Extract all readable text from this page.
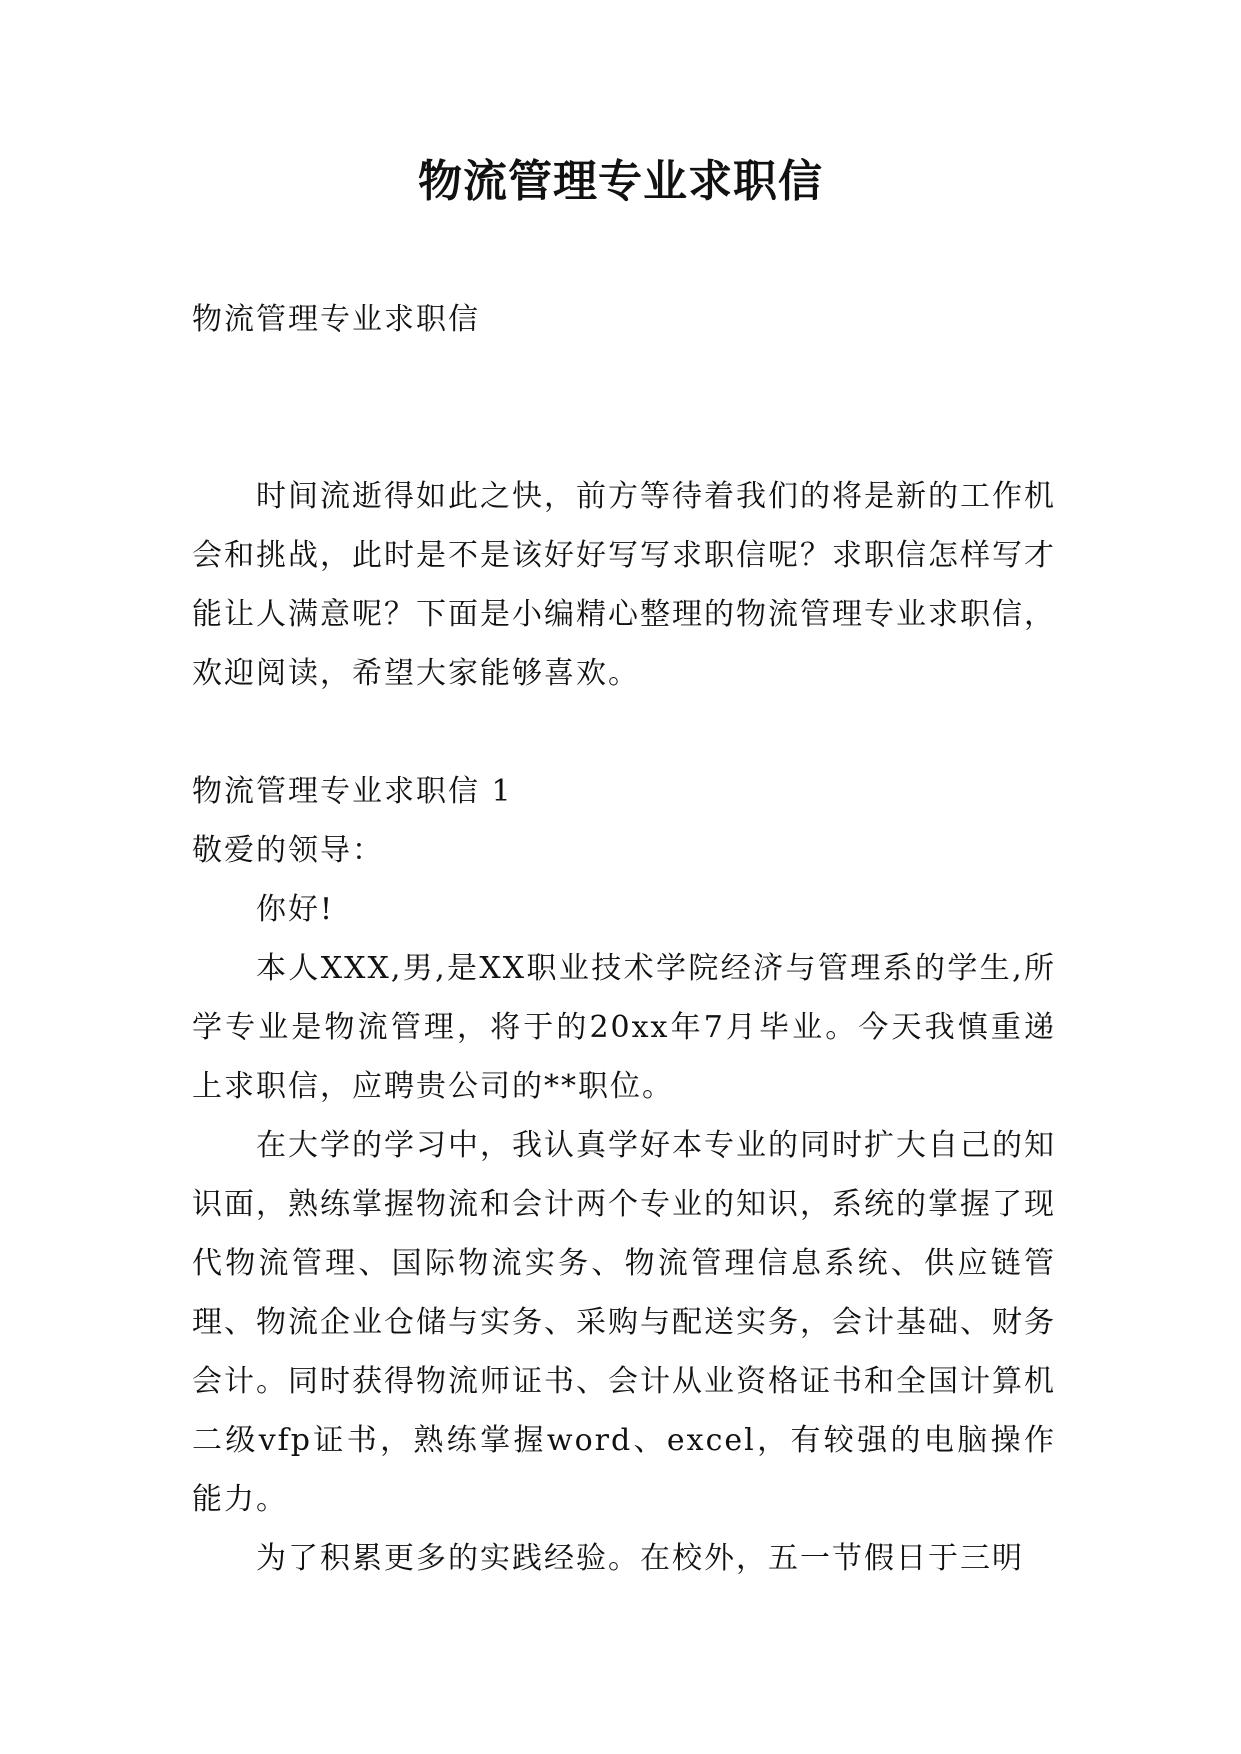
物流管理专业求职信

物流管理专业求职信

时间流逝得如此之快，前方等待着我们的将是新的工作机会和挑战，此时是不是该好好写写求职信呢？求职信怎样写才能让人满意呢？下面是小编精心整理的物流管理专业求职信，欢迎阅读，希望大家能够喜欢。

物流管理专业求职信 1

敬爱的领导：

你好!

本人XXX,男,是XX职业技术学院经济与管理系的学生,所学专业是物流管理，将于的20xx年7月毕业。今天我慎重递上求职信，应聘贵公司的**职位。

在大学的学习中，我认真学好本专业的同时扩大自己的知识面，熟练掌握物流和会计两个专业的知识，系统的掌握了现代物流管理、国际物流实务、物流管理信息系统、供应链管理、物流企业仓储与实务、采购与配送实务，会计基础、财务会计。同时获得物流师证书、会计从业资格证书和全国计算机二级vfp证书，熟练掌握word、excel，有较强的电脑操作能力。

为了积累更多的实践经验。在校外，五一节假日于三明
